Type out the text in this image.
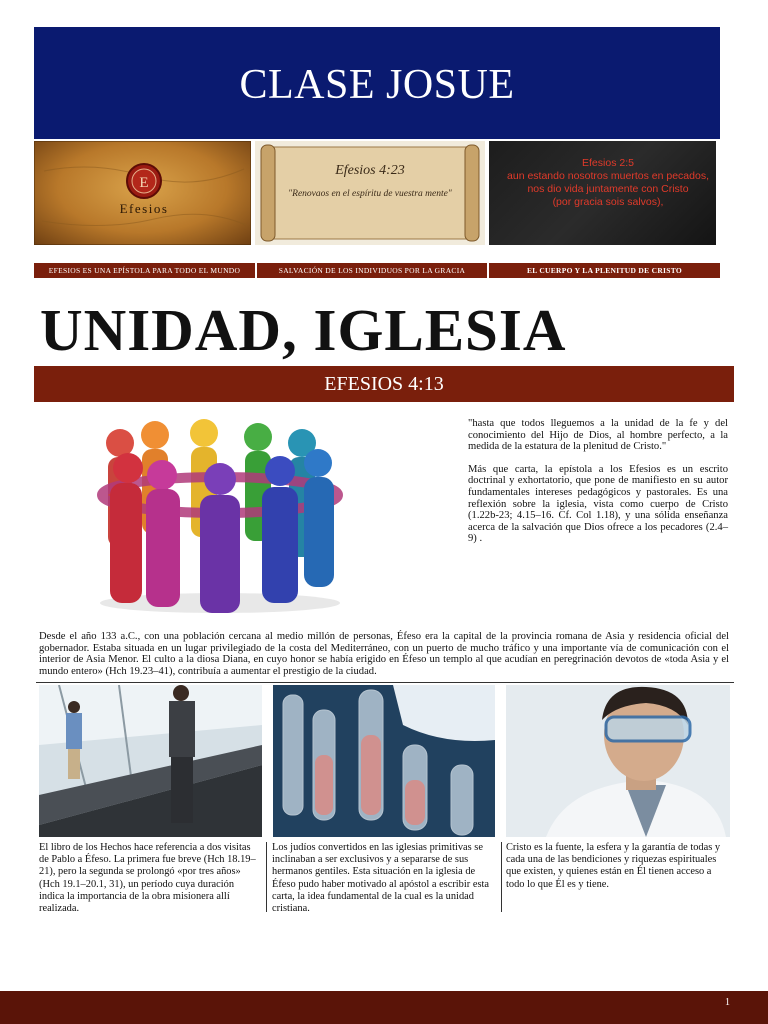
CLASE JOSUE
E
Efesios
Efesios 4:23
"Renovaos en el espíritu de vuestra mente"
Efesios 2:5
aun estando nosotros muertos en pecados,
nos dio vida juntamente con Cristo
(por gracia sois salvos),
EFESIOS ES UNA EPÍSTOLA PARA TODO EL MUNDO	SALVACIÓN DE LOS INDIVIDUOS POR LA GRACIA	EL CUERPO Y LA PLENITUD DE CRISTO
UNIDAD, IGLESIA
EFESIOS 4:13

"hasta que todos lleguemos a la unidad de la fe y del conocimiento del Hijo de Dios, al hombre perfecto, a la medida de la estatura de la plenitud de Cristo."

Más que carta, la epístola a los Efesios es un escrito doctrinal y exhortatorio, que pone de manifiesto en su autor fundamentales intereses pedagógicos y pastorales. Es una reflexión sobre la iglesia, vista como cuerpo de Cristo (1.22b-23; 4.15–16. Cf. Col 1.18), y una sólida enseñanza acerca de la salvación que Dios ofrece a los pecadores (2.4–9) .

Desde el año 133 a.C., con una población cercana al medio millón de personas, Éfeso era la capital de la provincia romana de Asia y residencia oficial del gobernador. Estaba situada en un lugar privilegiado de la costa del Mediterráneo, con un puerto de mucho tráfico y una importante vía de comunicación con el interior de Asia Menor. El culto a la diosa Diana, en cuyo honor se había erigido en Éfeso un templo al que acudían en peregrinación devotos de «toda Asia y el mundo entero» (Hch 19.23–41), contribuía a aumentar el prestigio de la ciudad.

El libro de los Hechos hace referencia a dos visitas de Pablo a Éfeso. La primera fue breve (Hch 18.19–21), pero la segunda se prolongó «por tres años» (Hch 19.1–20.1, 31), un período cuya duración indica la importancia de la obra misionera allí realizada.

Los judíos convertidos en las iglesias primitivas se inclinaban a ser exclusivos y a separarse de sus hermanos gentiles. Esta situación en la iglesia de Éfeso pudo haber motivado al apóstol a escribir esta carta, la idea fundamental de la cual es la unidad cristiana.

Cristo es la fuente, la esfera y la garantía de todas y cada una de las bendiciones y riquezas espirituales que existen, y quienes están en Él tienen acceso a todo lo que Él es y tiene.

1
